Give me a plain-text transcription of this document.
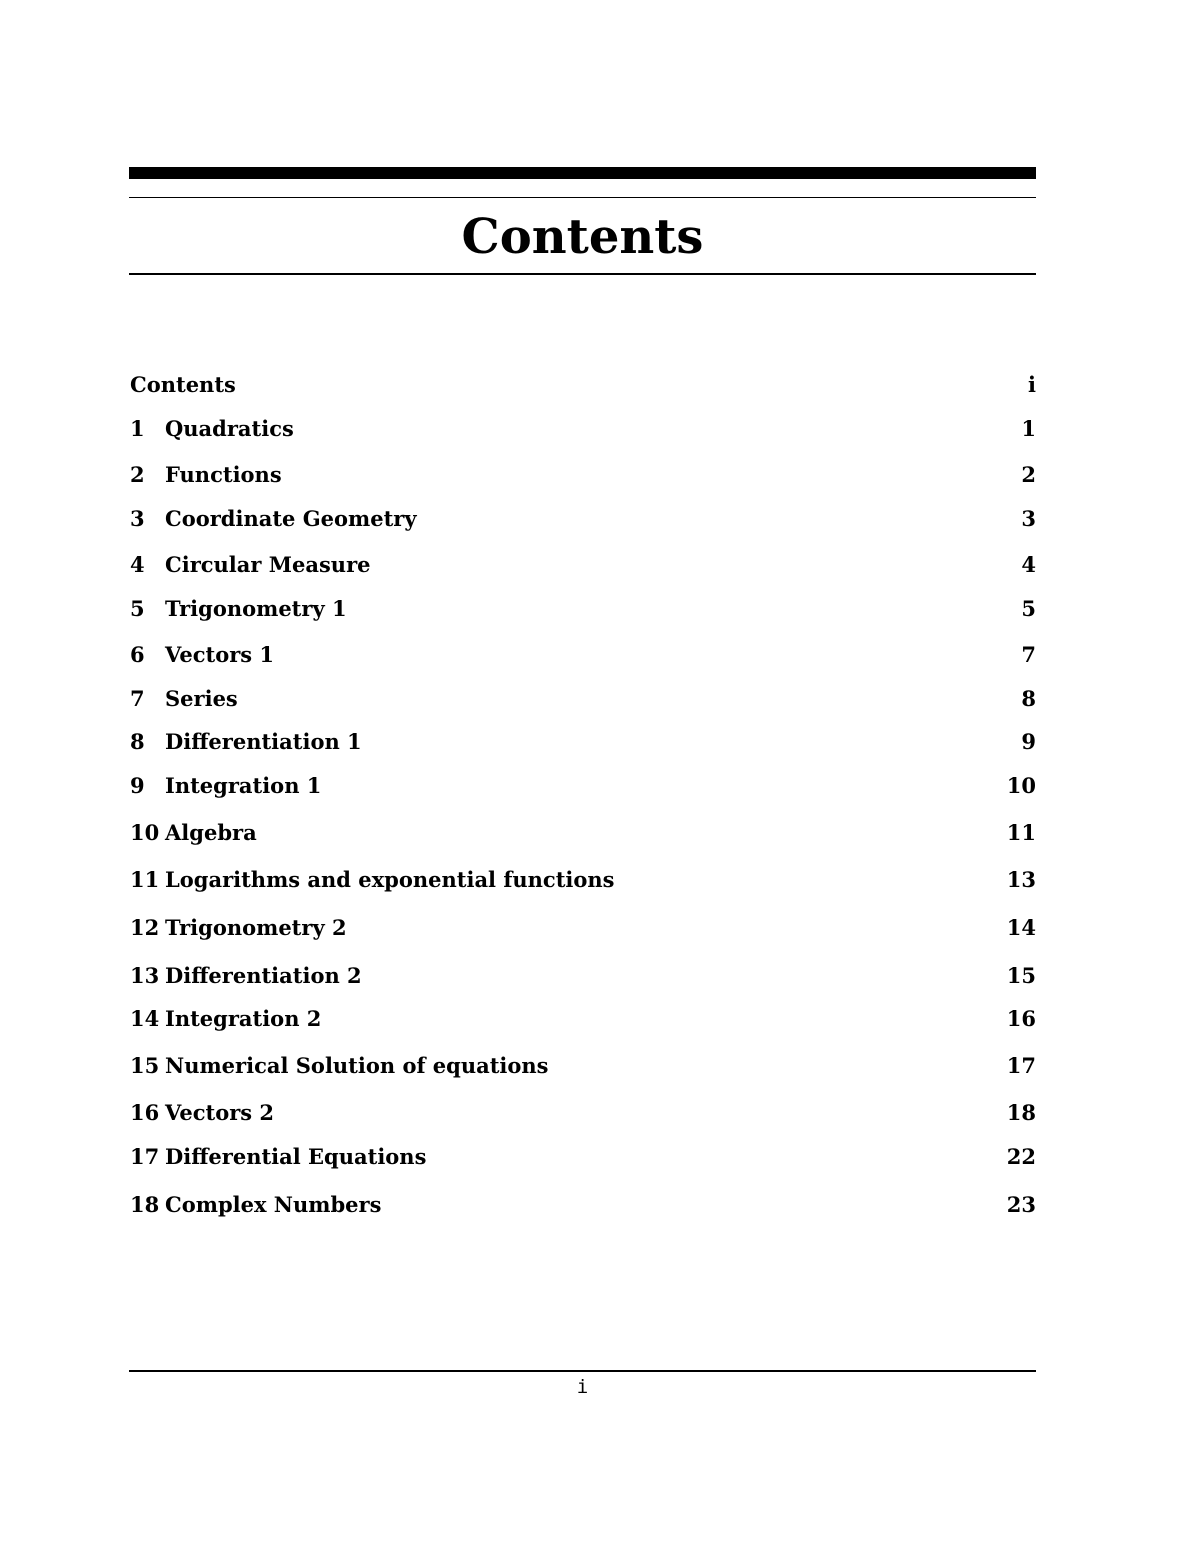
Contents
Contents	i
1 Quadratics	1
2 Functions	2
3 Coordinate Geometry	3
4 Circular Measure	4
5 Trigonometry 1	5
6 Vectors 1	7
7 Series	8
8 Differentiation 1	9
9 Integration 1	10
10 Algebra	11
11 Logarithms and exponential functions	13
12 Trigonometry 2	14
13 Differentiation 2	15
14 Integration 2	16
15 Numerical Solution of equations	17
16 Vectors 2	18
17 Differential Equations	22
18 Complex Numbers	23
i
